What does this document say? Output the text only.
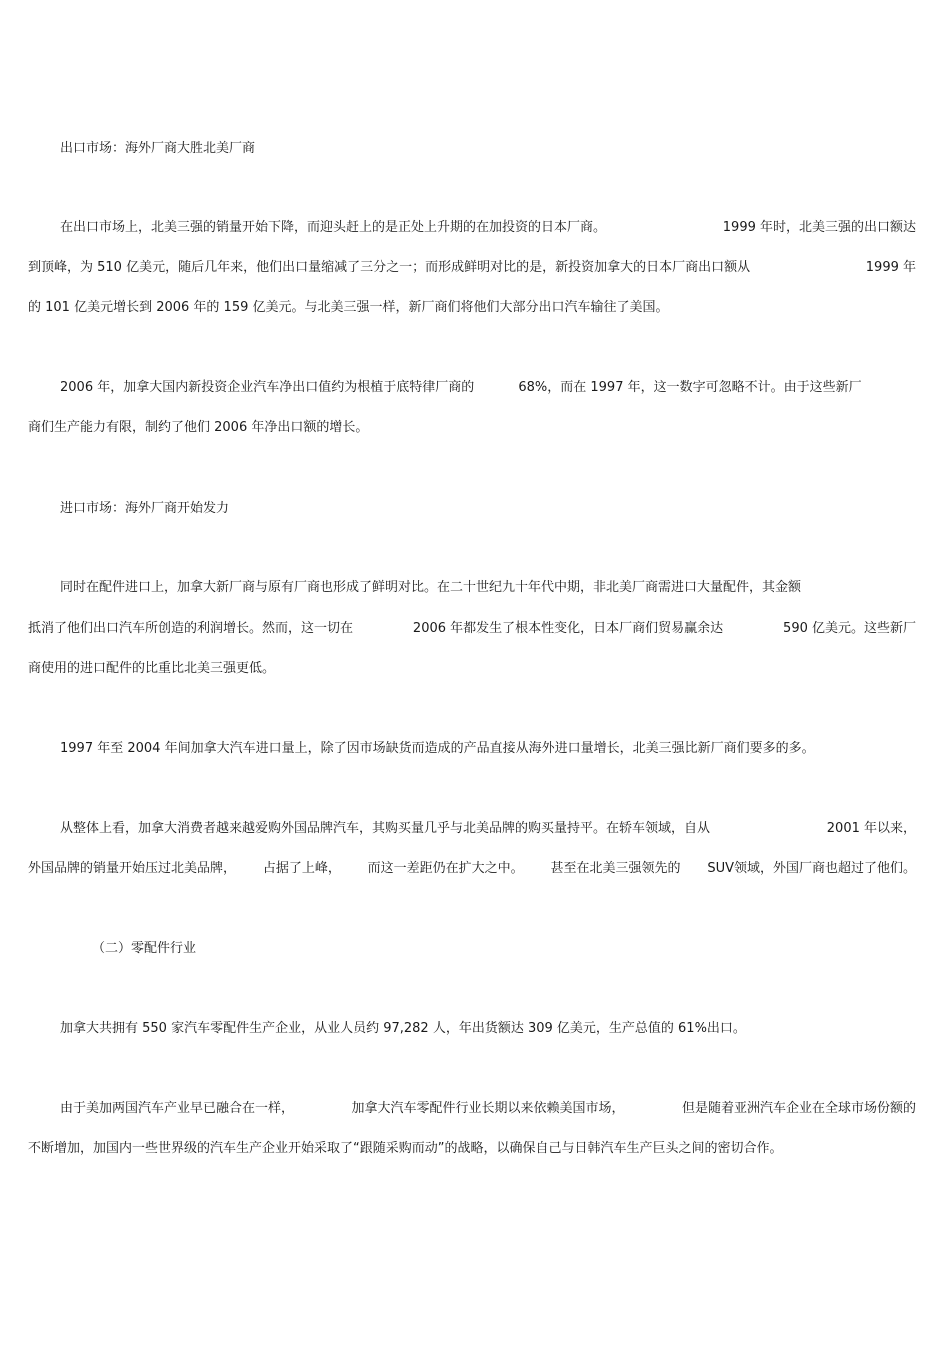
出口市场：海外厂商大胜北美厂商
在出口市场上，北美三强的销量开始下降，而迎头赶上的是正处上升期的在加投资的日本厂商。	1999 年时，北美三强的出口额达
到顶峰，为 510 亿美元，随后几年来，他们出口量缩减了三分之一；而形成鲜明对比的是，新投资加拿大的日本厂商出口额从	1999 年
的 101 亿美元增长到 2006 年的 159 亿美元。与北美三强一样，新厂商们将他们大部分出口汽车输往了美国。
2006 年，加拿大国内新投资企业汽车净出口值约为根植于底特律厂商的	68%，而在 1997 年，这一数字可忽略不计。由于这些新厂
商们生产能力有限，制约了他们 2006 年净出口额的增长。
进口市场：海外厂商开始发力
同时在配件进口上，加拿大新厂商与原有厂商也形成了鲜明对比。在二十世纪九十年代中期，非北美厂商需进口大量配件，其金额
抵消了他们出口汽车所创造的利润增长。然而，这一切在	2006 年都发生了根本性变化，日本厂商们贸易赢余达	590 亿美元。这些新厂
商使用的进口配件的比重比北美三强更低。
1997 年至 2004 年间加拿大汽车进口量上，除了因市场缺货而造成的产品直接从海外进口量增长，北美三强比新厂商们要多的多。
从整体上看，加拿大消费者越来越爱购外国品牌汽车，其购买量几乎与北美品牌的购买量持平。在轿车领域，自从	2001 年以来，
外国品牌的销量开始压过北美品牌， 占据了上峰， 而这一差距仍在扩大之中。 甚至在北美三强领先的 SUV领域，外国厂商也超过了他们。
（二）零配件行业
加拿大共拥有 550 家汽车零配件生产企业，从业人员约 97,282 人，年出货额达 309 亿美元，生产总值的 61%出口。
由于美加两国汽车产业早已融合在一样，	加拿大汽车零配件行业长期以来依赖美国市场，	但是随着亚洲汽车企业在全球市场份额的
不断增加，加国内一些世界级的汽车生产企业开始采取了“跟随采购而动”的战略，以确保自己与日韩汽车生产巨头之间的密切合作。
